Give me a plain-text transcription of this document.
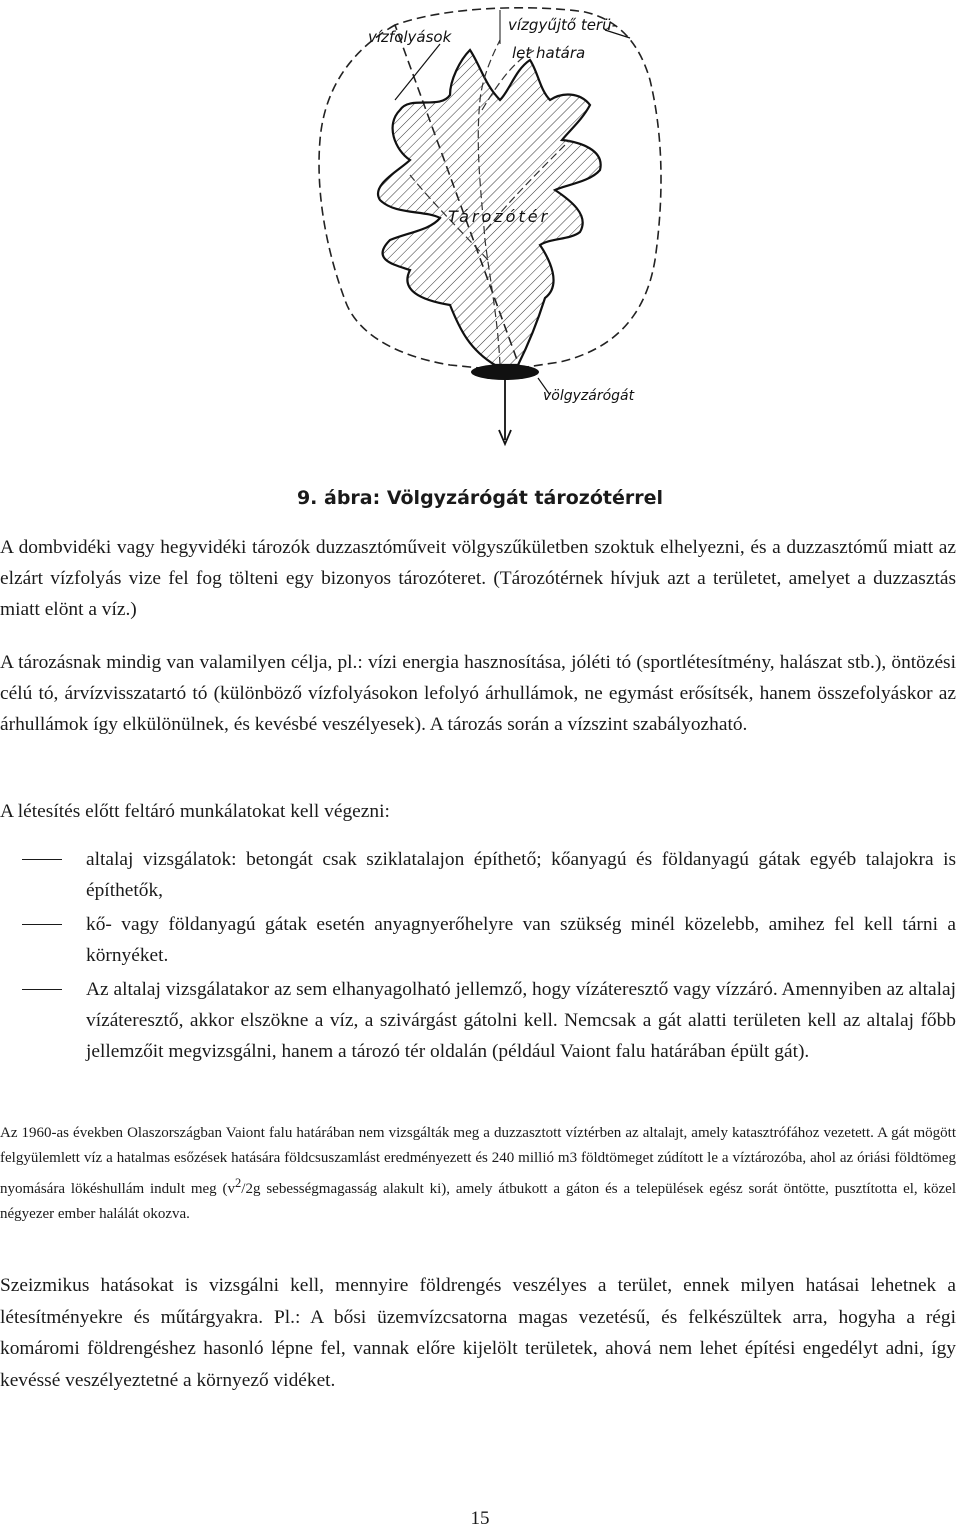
vízfolyások
vízgyűjtő terü-
let határa
Tározótér
völgyzárógát
9. ábra: Völgyzárógát tározótérrel
A dombvidéki vagy hegyvidéki tározók duzzasztóműveit völgyszűkületben szoktuk elhelyezni, és a duzzasztómű miatt az elzárt vízfolyás vize fel fog tölteni egy bizonyos tározóteret. (Tározótérnek hívjuk azt a területet, amelyet a duzzasztás miatt elönt a víz.)
A tározásnak mindig van valamilyen célja, pl.: vízi energia hasznosítása, jóléti tó (sportlétesítmény, halászat stb.), öntözési célú tó, árvízvisszatartó tó (különböző vízfolyásokon lefolyó árhullámok, ne egymást erősítsék, hanem összefolyáskor az árhullámok így elkülönülnek, és kevésbé veszélyesek). A tározás során a vízszint szabályozható.
A létesítés előtt feltáró munkálatokat kell végezni:
altalaj vizsgálatok: betongát csak sziklatalajon építhető; kőanyagú és földanyagú gátak egyéb talajokra is építhetők,
kő- vagy földanyagú gátak esetén anyagnyerőhelyre van szükség minél közelebb, amihez fel kell tárni a környéket.
Az altalaj vizsgálatakor az sem elhanyagolható jellemző, hogy vízáteresztő vagy vízzáró. Amennyiben az altalaj vízáteresztő, akkor elszökne a víz, a szivárgást gátolni kell. Nemcsak a gát alatti területen kell az altalaj főbb jellemzőit megvizsgálni, hanem a tározó tér oldalán (például Vaiont falu határában épült gát).
Az 1960-as években Olaszországban Vaiont falu határában nem vizsgálták meg a duzzasztott víztérben az altalajt, amely katasztrófához vezetett. A gát mögött felgyülemlett víz a hatalmas esőzések hatására földcsuszamlást eredményezett és 240 millió m3 földtömeget zúdított le a víztározóba, ahol az óriási földtömeg nyomására lökéshullám indult meg ($v^2/2g$ sebességmagasság alakult ki), amely átbukott a gáton és a települések egész sorát öntötte, pusztította el, közel négyezer ember halálát okozva.
Szeizmikus hatásokat is vizsgálni kell, mennyire földrengés veszélyes a terület, ennek milyen hatásai lehetnek a létesítményekre és műtárgyakra. Pl.: A bősi üzemvízcsatorna magas vezetésű, és felkészültek arra, hogyha a régi komáromi földrengéshez hasonló lépne fel, vannak előre kijelölt területek, ahová nem lehet építési engedélyt adni, így kevéssé veszélyeztetné a környező vidéket.
15
